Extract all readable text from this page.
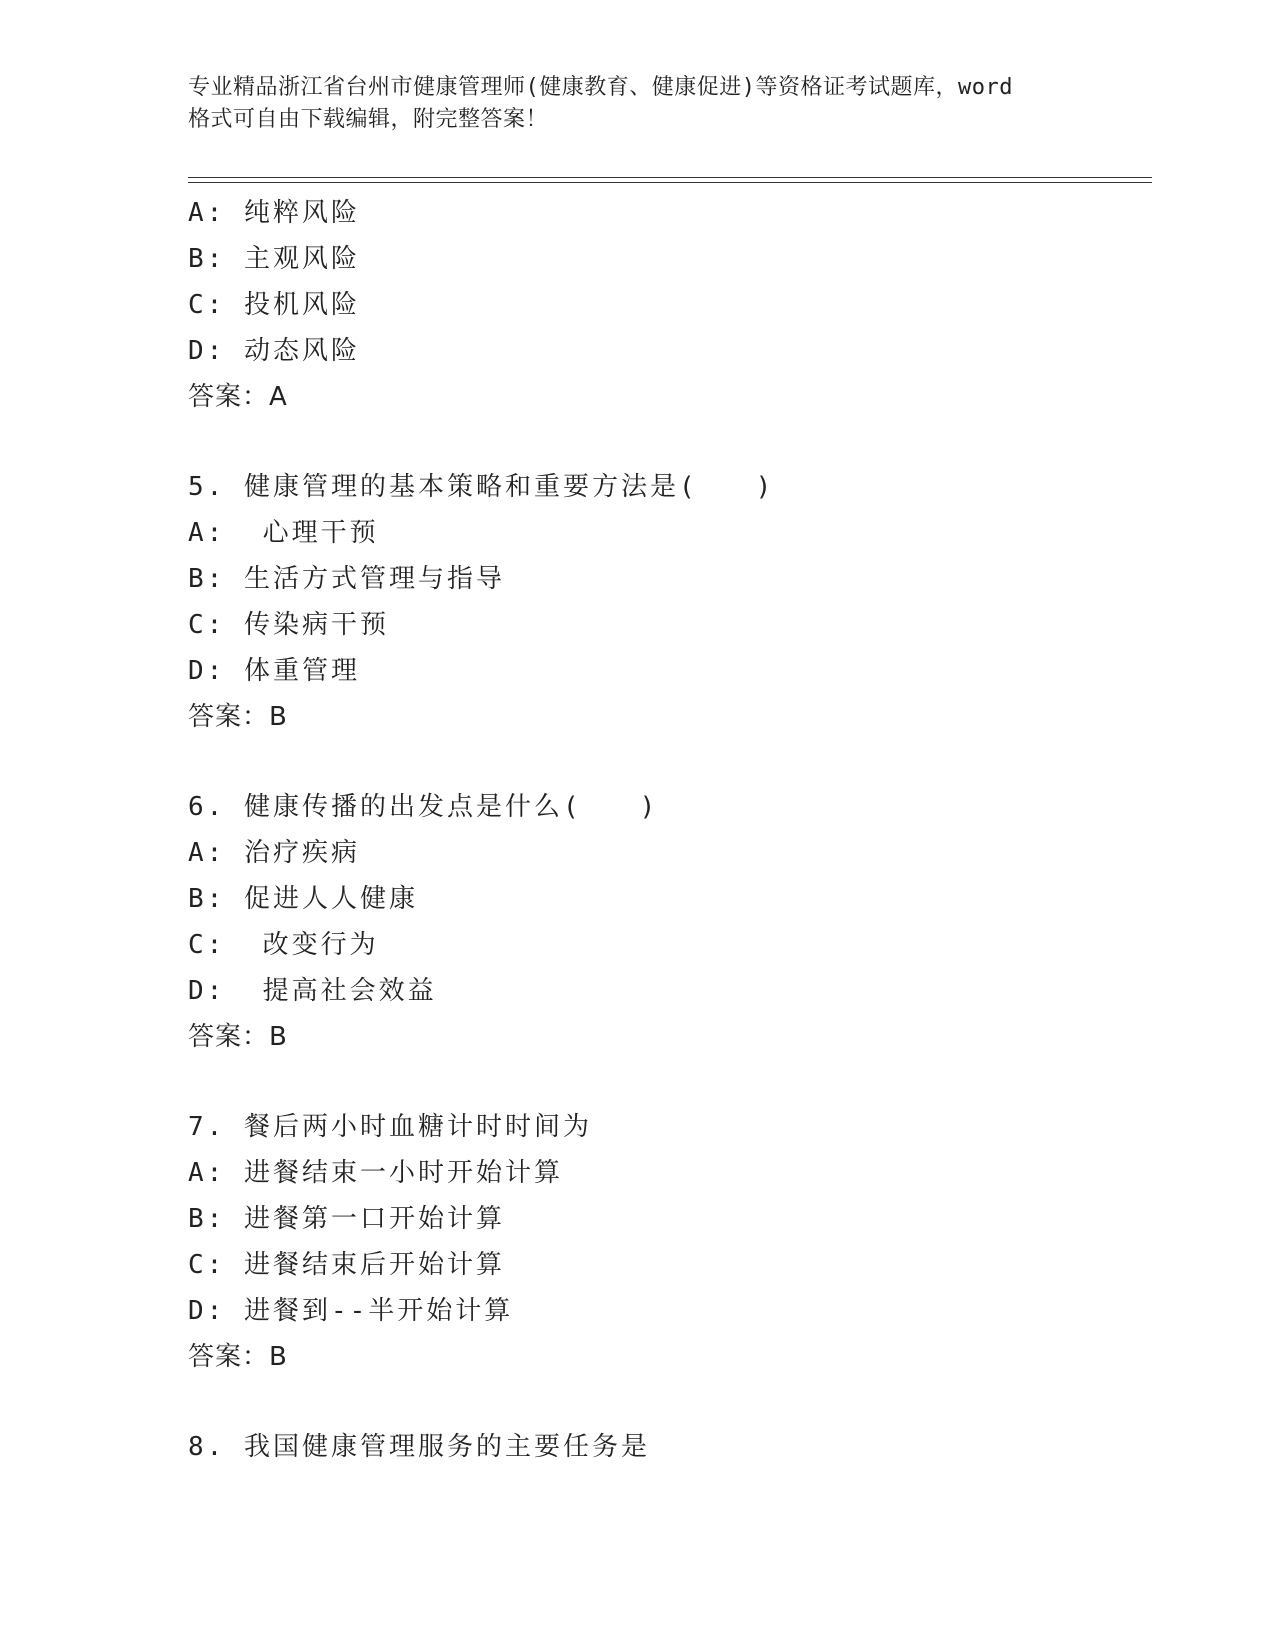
专业精品浙江省台州市健康管理师(健康教育、健康促进)等资格证考试题库，word
格式可自由下载编辑，附完整答案！
A: 纯粹风险
B: 主观风险
C: 投机风险
D: 动态风险
答案：A
5. 健康管理的基本策略和重要方法是(　　)
A:  心理干预
B: 生活方式管理与指导
C: 传染病干预
D: 体重管理
答案：B
6. 健康传播的出发点是什么(　　)
A: 治疗疾病
B: 促进人人健康
C:  改变行为
D:  提高社会效益
答案：B
7. 餐后两小时血糖计时时间为
A: 进餐结束一小时开始计算
B: 进餐第一口开始计算
C: 进餐结束后开始计算
D: 进餐到--半开始计算
答案：B
8. 我国健康管理服务的主要任务是
